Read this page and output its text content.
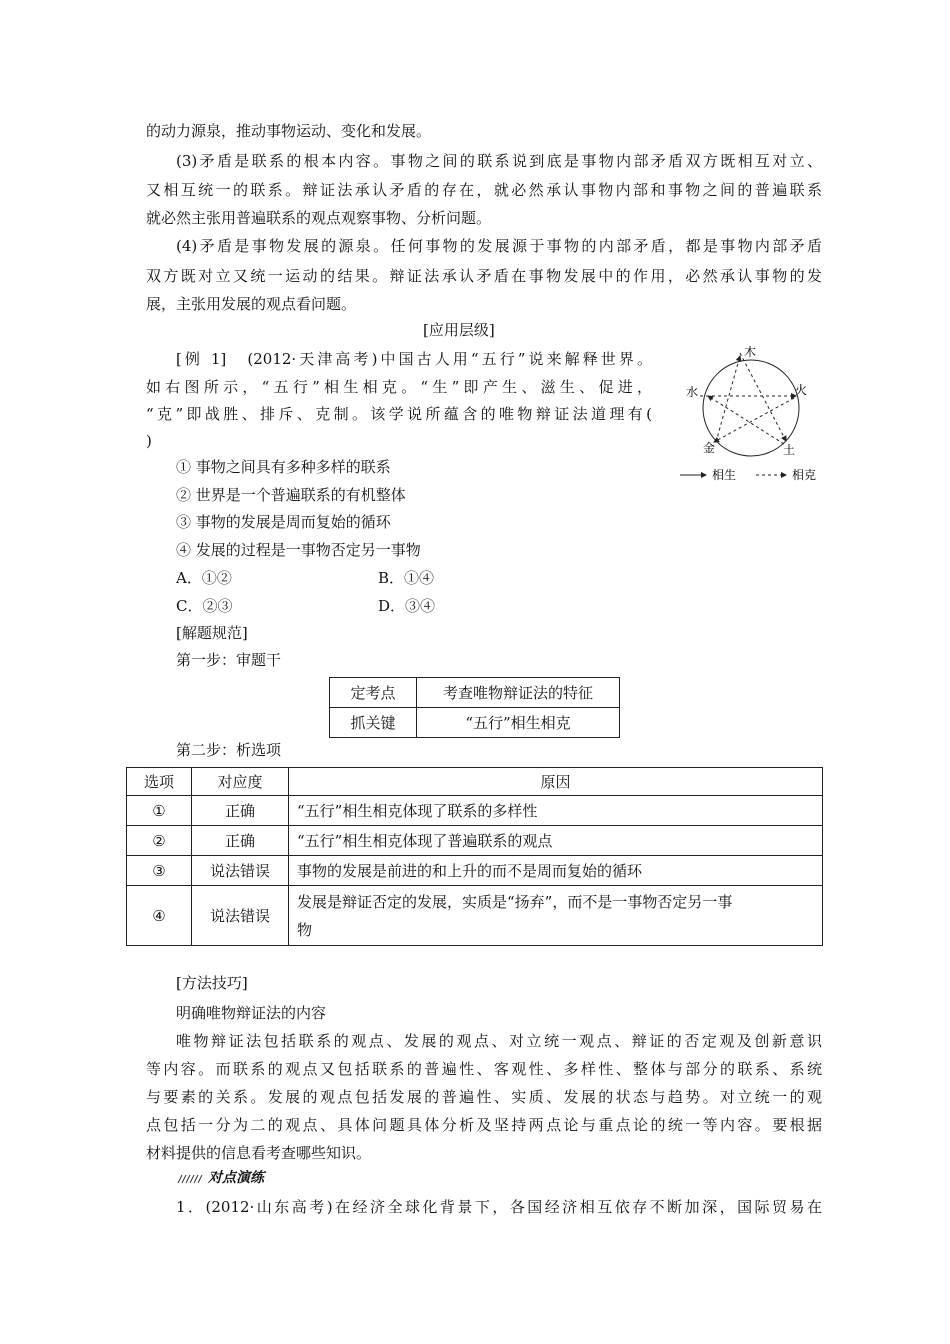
的动力源泉，推动事物运动、变化和发展。
(3)矛盾是联系的根本内容。事物之间的联系说到底是事物内部矛盾双方既相互对立、
又相互统一的联系。辩证法承认矛盾的存在，就必然承认事物内部和事物之间的普遍联系
就必然主张用普遍联系的观点观察事物、分析问题。
(4)矛盾是事物发展的源泉。任何事物的发展源于事物的内部矛盾，都是事物内部矛盾
双方既对立又统一运动的结果。辩证法承认矛盾在事物发展中的作用，必然承认事物的发
展，主张用发展的观点看问题。
[应用层级]
[例 1]　(2012·天津高考)中国古人用“五行”说来解释世界。
如右图所示，“五行”相生相克。“生”即产生、滋生、促进，
“克”即战胜、排斥、克制。该学说所蕴含的唯物辩证法道理有(
)
木
火
土
金
水
相生	相克
① 事物之间具有多种多样的联系
② 世界是一个普遍联系的有机整体
③ 事物的发展是周而复始的循环
④ 发展的过程是一事物否定另一事物
A．①②	B．①④
C．②③	D．③④
[解题规范]
第一步：审题干
定考点	考查唯物辩证法的特征
抓关键	“五行”相生相克
第二步：析选项
选项	对应度	原因
①	正确	“五行”相生相克体现了联系的多样性
②	正确	“五行”相生相克体现了普遍联系的观点
③	说法错误	事物的发展是前进的和上升的而不是周而复始的循环
④	说法错误	发展是辩证否定的发展，实质是“扬弃”，而不是一事物否定另一事
物
[方法技巧]
明确唯物辩证法的内容
唯物辩证法包括联系的观点、发展的观点、对立统一观点、辩证的否定观及创新意识
等内容。而联系的观点又包括联系的普遍性、客观性、多样性、整体与部分的联系、系统
与要素的关系。发展的观点包括发展的普遍性、实质、发展的状态与趋势。对立统一的观
点包括一分为二的观点、具体问题具体分析及坚持两点论与重点论的统一等内容。要根据
材料提供的信息看考查哪些知识。
对点演练
1．(2012·山东高考)在经济全球化背景下，各国经济相互依存不断加深，国际贸易在
